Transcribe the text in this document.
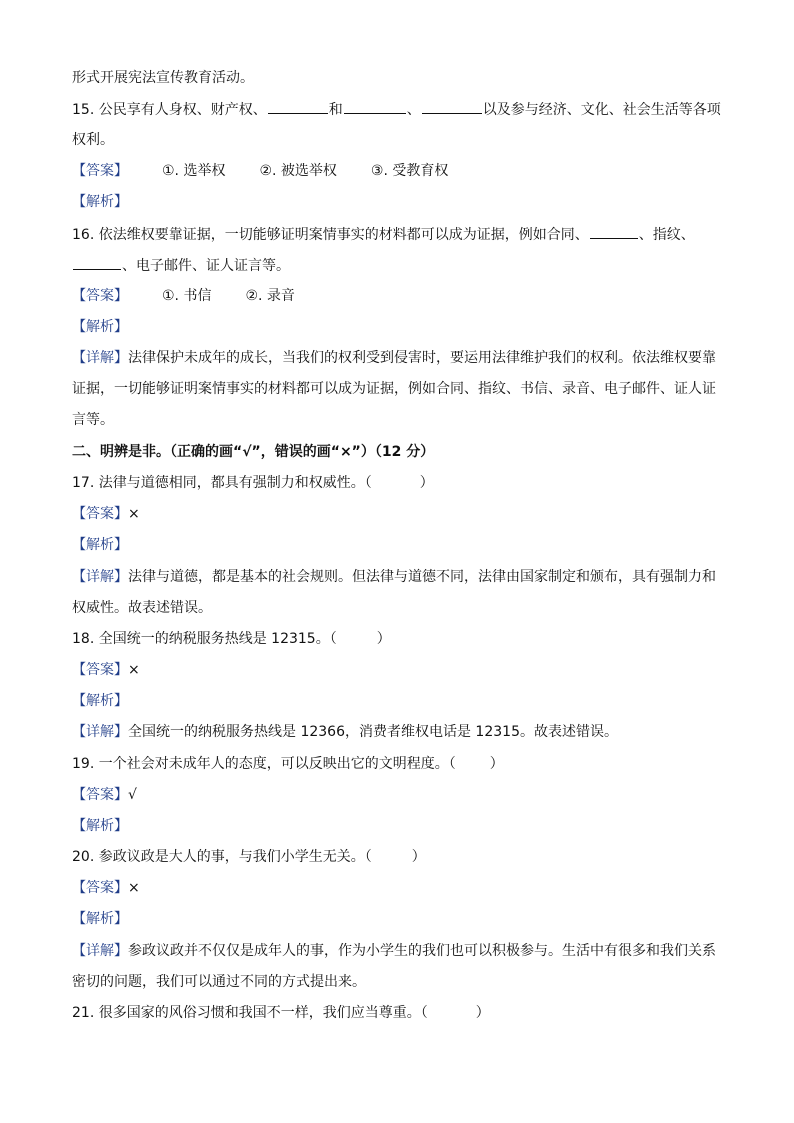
形式开展宪法宣传教育活动。
15. 公民享有人身权、财产权、	和	、	以及参与经济、文化、社会生活等各项
权利。
【答案】 ①. 选举权 ②. 被选举权 ③. 受教育权
【解析】
16. 依法维权要靠证据，一切能够证明案情事实的材料都可以成为证据，例如合同、	、指纹、
、电子邮件、证人证言等。
【答案】 ①. 书信 ②. 录音
【解析】
【详解】法律保护未成年的成长，当我们的权利受到侵害时，要运用法律维护我们的权利。依法维权要靠
证据，一切能够证明案情事实的材料都可以成为证据，例如合同、指纹、书信、录音、电子邮件、证人证
言等。
二、明辨是非。（正确的画“√”，错误的画“×”）（12 分）
17. 法律与道德相同，都具有强制力和权威性。（	）
【答案】×
【解析】
【详解】法律与道德，都是基本的社会规则。但法律与道德不同，法律由国家制定和颁布，具有强制力和
权威性。故表述错误。
18. 全国统一的纳税服务热线是 12315。（	）
【答案】×
【解析】
【详解】全国统一的纳税服务热线是 12366，消费者维权电话是 12315。故表述错误。
19. 一个社会对未成年人的态度，可以反映出它的文明程度。（ ）
【答案】√
【解析】
20. 参政议政是大人的事，与我们小学生无关。（	）
【答案】×
【解析】
【详解】参政议政并不仅仅是成年人的事，作为小学生的我们也可以积极参与。生活中有很多和我们关系
密切的问题，我们可以通过不同的方式提出来。
21. 很多国家的风俗习惯和我国不一样，我们应当尊重。（	）
